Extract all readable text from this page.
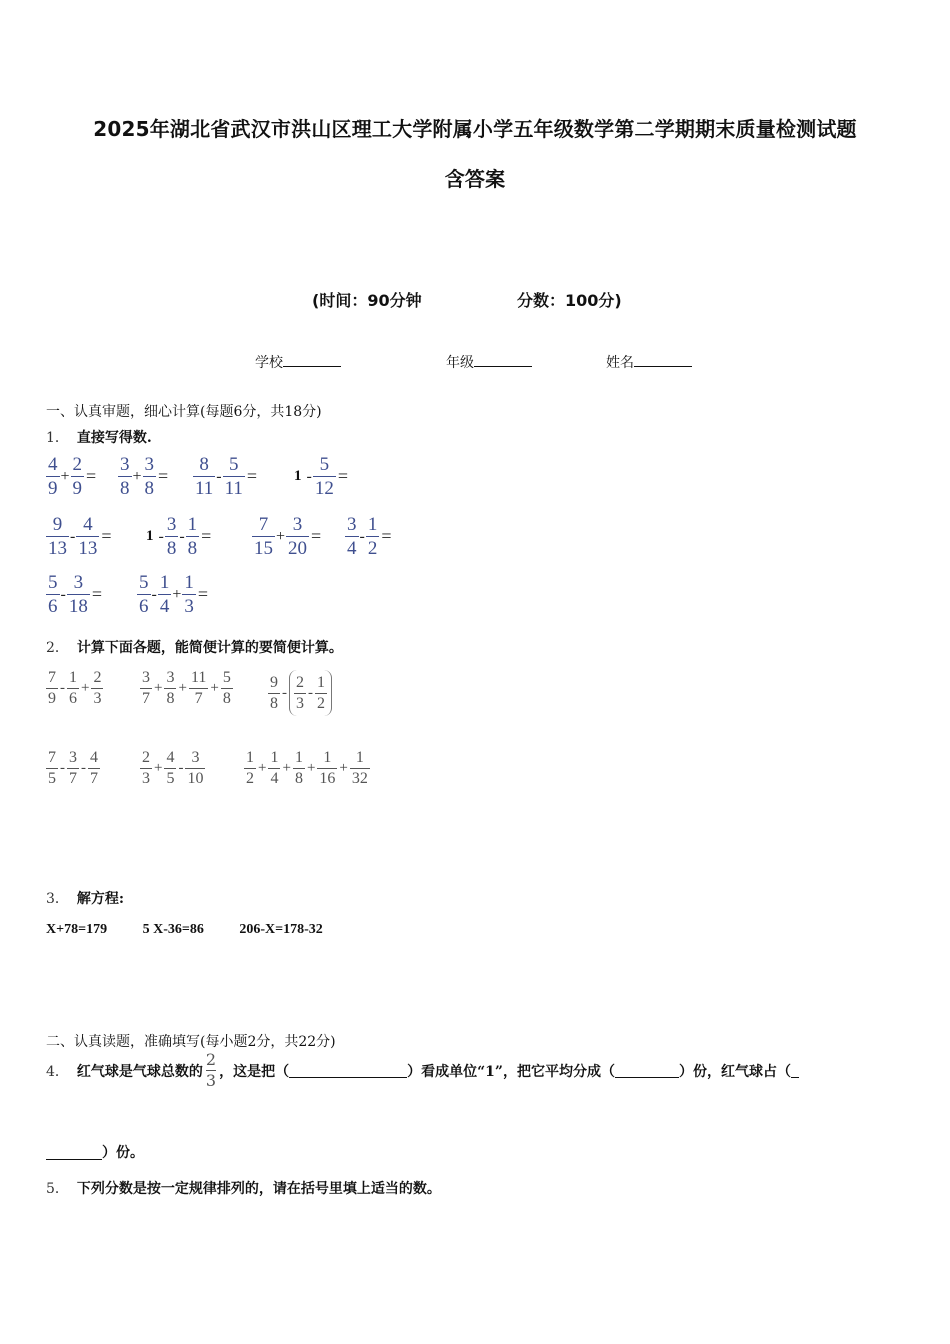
2025年湖北省武汉市洪山区理工大学附属小学五年级数学第二学期期末质量检测试题
含答案
(时间：90分钟	分数：100分)
学校	年级	姓名
一、认真审题，细心计算(每题6分，共18分)
1． 直接写得数.
4
9
+
2
9
=
3
8
+
3
8
=
8
11
-
5
11
= 1 -
5
12
=
9
13
-
4
13
= 1 -
3
8
-
1
8
=
7
15
+
3
20
=
3
4
-
1
2
=
5
6
-
3
18
=
5
6
-
1
4
+
1
3
=
2． 计算下面各题，能简便计算的要简便计算。
7
9
-
1
6
+
2
3
3
7
+
3
8
+
11
7
+
5
8
9
8
-
2
3
-
1
2
7
5
-
3
7
-
4
7
2
3
+
4
5
-
3
10
1
2
+
1
4
+
1
8
+
1
16
+
1
32
3． 解方程:
X+78=179	5 X-36=86	206-X=178-32
二、认真读题，准确填写(每小题2分，共22分)
4． 红气球是气球总数的
2
3 ，这是把（	）看成单位“1”，把它平均分成（	）份，红气球占（
）份。
5． 下列分数是按一定规律排列的，请在括号里填上适当的数。
